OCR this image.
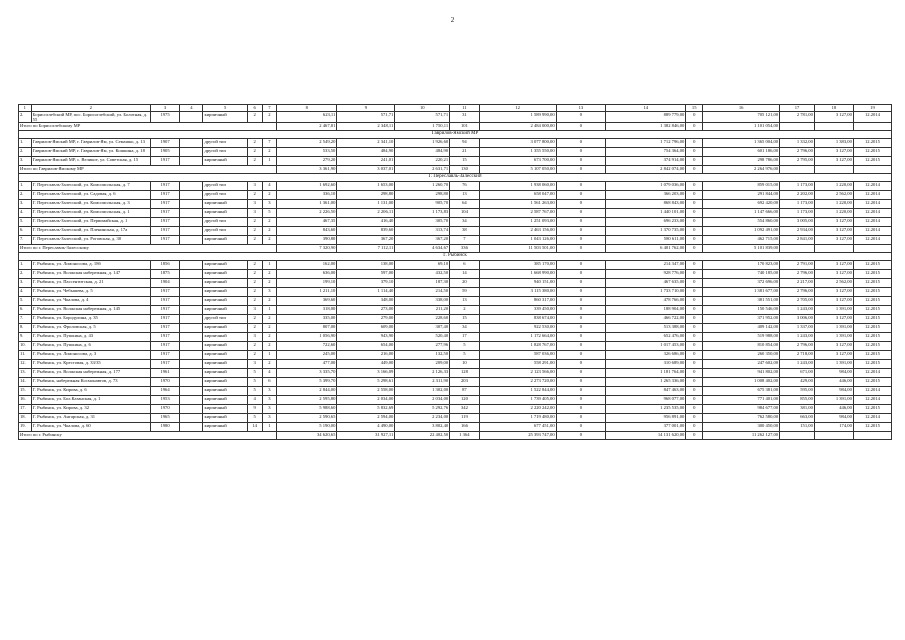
2
1	2	3	4	5	6	7	8	9	10	11	12	13	14	15	16	17	18	19
2.	Борисоглебский МР, пос. Борисоглебский, ул. Болотная, д. 55	1975		кирпичный	2	2	623,11	571,71	571,71	31	1 589 990,00	0	889 779,00	0	705 121,00	2 781,00	3 127,00	12.2014
Итого по Борисоглебскому МР							2 467,81	2 348,11	1 750,11	101	2 484 000,00	0	1 382 846,00	0	1 101 054,00			
Гаврилов-Ямский МР																		
1.	Гаврилов-Ямский МР, г. Гаврилов-Ям, ул. Семашко, д. 13	1907		другой тип	2	7	2 549,20	2 341,10	1 926,60	94	3 077 800,00	0	1 712 796,00	0	1 365 004,00	1 332,00	1 383,00	12.2015
2.	Гаврилов-Ямский МР, г. Гаврилов-Ям, ул. Кошкина, д. 18	1905		другой тип	2	2	533,50	484,90	484,90	21	1 355 550,00	0	754 364,00	0	601 186,00	2 796,00	3 127,00	12.2015
3.	Гаврилов-Ямский МР, с. Великое, ул. Советская, д. 15	1917		кирпичный	2	1	279,20	241,01	220,21	15	673 700,00	0	374 914,00	0	298 786,00	2 795,00	3 127,00	12.2015
Итого по Гаврилов-Ямскому МР							3 361,90	3 037,01	2 631,71	130	5 107 050,00	0	2 842 074,00	0	2 264 976,00			
Г. Переславль-Залесский																		
1.	Г. Переславль-Залесский, ул. Комсомольская, д. 7	1917		другой тип	3	4	1 692,60	1 653,00	1 260,70	76	1 938 060,00	0	1 079 036,00	0	859 015,00	1 173,00	1 220,00	12.2014
2.	Г. Переславль-Залесский, ул. Садовая, д. 6	1917		другой тип	2	2	336,10	298,80	298,80	13	658 047,00	0	366 203,00	0	291 844,00	2 202,00	2 562,00	12.2014
3.	Г. Переславль-Залесский, ул. Комсомольская, д. 3	1917		кирпичный	3	3	1 361,00	1 131,00	905,70	64	1 561 263,00	0	868 843,00	0	692 420,00	1 173,00	1 220,00	12.2014
4.	Г. Переславль-Залесский, ул. Комсомольская, д. 1	1917		кирпичный	3	5	2 226,50	2 206,11	1 173,83	104	2 587 767,00	0	1 440 101,00	0	1 147 666,00	1 173,00	1 220,00	12.2014
5.	Г. Переславль-Залесский, ул. Первомайская, д. 1	1917		другой тип	2	2	467,35	416,40	305,70	34	1 251 093,00	0	696 233,00	0	554 860,00	3 005,00	3 127,00	12.2014
6.	Г. Переславль-Залесский, ул. Пленинская, д. 17а	1917		другой тип	2	2	843,60	839,60	313,74	38	2 463 156,00	0	1 370 735,00	0	1 092 491,00	2 934,00	3 127,00	12.2014
7.	Г. Переславль-Залесский, ул. Роговская, д. 30	1917		кирпичный	2	2	390,80	367,20	367,20	7	1 043 126,00	0	580 611,00	0	462 715,00	2 841,00	3 127,00	12.2014
Итого по г. Переславль-Залесскому							7 320,90	7 112,11	4 634,67	336	11 503 501,00	0	6 401 762,00	0	5 101 839,00			
Г. Рыбинск																		
1.	Г. Рыбинск, ул. Ломоносова, д. 18б	1856		кирпичный	2	1	162,00	138,00	69,10	6	385 170,00	0	214 347,00	0	170 823,00	2 791,00	3 127,00	12.2015
2.	Г. Рыбинск, ул. Волжская набережная, д. 147	1875		кирпичный	2	2	636,00	597,00	432,50	14	1 668 990,00	0	928 776,00	0	740 185,00	2 796,00	3 127,00	12.2015
3.	Г. Рыбинск, ул. Пассентитская, д. 21	1904		кирпичный	2	2	199,10	379,10	187,30	20	940 151,00	0	467 635,00	0	372 696,00	2 217,00	2 562,00	12.2015
4.	Г. Рыбинск, ул. Чебышева, д. 5	1917		кирпичный	2	3	1 211,10	1 114,40	214,50	59	3 115 380,00	0	1 733 710,00	0	1 381 677,00	2 796,00	3 127,00	12.2015
5.	Г. Рыбинск, ул. Чкалова, д. 4	1917		кирпичный	2	2	369,60	348,00	338,00	13	860 317,00	0	478 766,00	0	381 551,00	2 705,00	3 127,00	12.2015
6.	Г. Рыбинск, ул. Волжская набережная, д. 145	1917		кирпичный	3	1	318,00	273,00	211,20	2	339 450,00	0	188 904,00	0	150 546,00	1 243,00	1 391,00	12.2015
7.	Г. Рыбинск, ул. Бородулина, д. 35	1917		другой тип	2	2	335,00	279,00	228,60	15	838 674,00	0	466 722,00	0	371 952,00	3 006,00	3 127,00	12.2015
8.	Г. Рыбинск, ул. Фроловская, д. 5	1917		кирпичный	2	2	807,00	609,00	307,40	34	922 530,00	0	513 388,00	0	409 142,00	1 337,00	1 391,00	12.2015
9.	Г. Рыбинск, ул. Пушкина, д. 43	1917		кирпичный	3	2	1 056,90	943,90	520,40	17	1 172 664,00	0	652 476,00	0	519 988,00	1 243,00	1 391,00	12.2015
10.	Г. Рыбинск, ул. Пушкина, д. 6	1917		кирпичный	2	2	722,60	654,00	277,96	5	1 828 767,00	0	1 017 453,00	0	810 854,00	2 796,00	3 127,00	12.2015
11.	Г. Рыбинск, ул. Ломоносова, д. 3	1917		кирпичный	2	1	245,00	216,00	132,50	5	587 036,00	0	326 686,00	0	260 350,00	2 718,00	3 127,00	12.2015
12.	Г. Рыбинск, ул. Крестовая, д. 33/35	1917		кирпичный	3	2	477,00	449,00	209,00	10	558 291,00	0	310 689,00	0	247 602,00	1 243,00	1 391,00	12.2015
13.	Г. Рыбинск, ул. Волжская набережная, д. 177	1961		кирпичный	5	4	3 335,70	3 166,09	2 126,33	128	2 123 566,00	0	1 181 764,00	0	941 802,00	671,00	984,00	12.2014
14.	Г. Рыбинск, набережная Космонавтов, д. 73	1970		кирпичный	5	6	5 399,70	5 298,61	2 311,90	203	2 273 720,00	0	1 265 336,00	0	1 008 402,00	429,00	446,00	12.2015
15.	Г. Рыбинск, ул. Кирова, д. 6	1964		кирпичный	5	3	2 844,00	2 558,00	1 302,00	87	1 522 844,00	0	847 463,00	0	675 381,00	595,00	984,00	12.2014
16.	Г. Рыбинск, ул. Бол.Казанская, д. 1	1953		кирпичный	4	3	2 595,80	2 034,00	2 034,00	120	1 739 405,00	0	968 077,00	0	771 401,00	855,00	1 391,00	12.2014
17.	Г. Рыбинск, ул. Кирова, д. 32	1970		кирпичный	9	3	5 988,60	5 832,69	5 292,76	342	2 220 242,00	0	1 235 535,00	0	984 677,00	381,00	446,00	12.2015
18.	Г. Рыбинск, ул. Ангарская, д. 31	1965		кирпичный	5	3	2 590,65	2 594,00	2 234,00	119	1 719 480,00	0	956 891,00	0	762 580,00	663,00	984,00	12.2014
19.	Г. Рыбинск, ул. Чкалова, д. 60	1980		кирпичный	14	1	5 190,00	4 490,00	3 802,40	166	677 451,00	0	377 001,00	0	300 450,00	151,00	174,00	12.2015
Итого по г. Рыбинску							34 620,65	31 927,11	22 402,50	1 364	25 393 747,00	0	14 131 620,00	0	11 262 127,00			
